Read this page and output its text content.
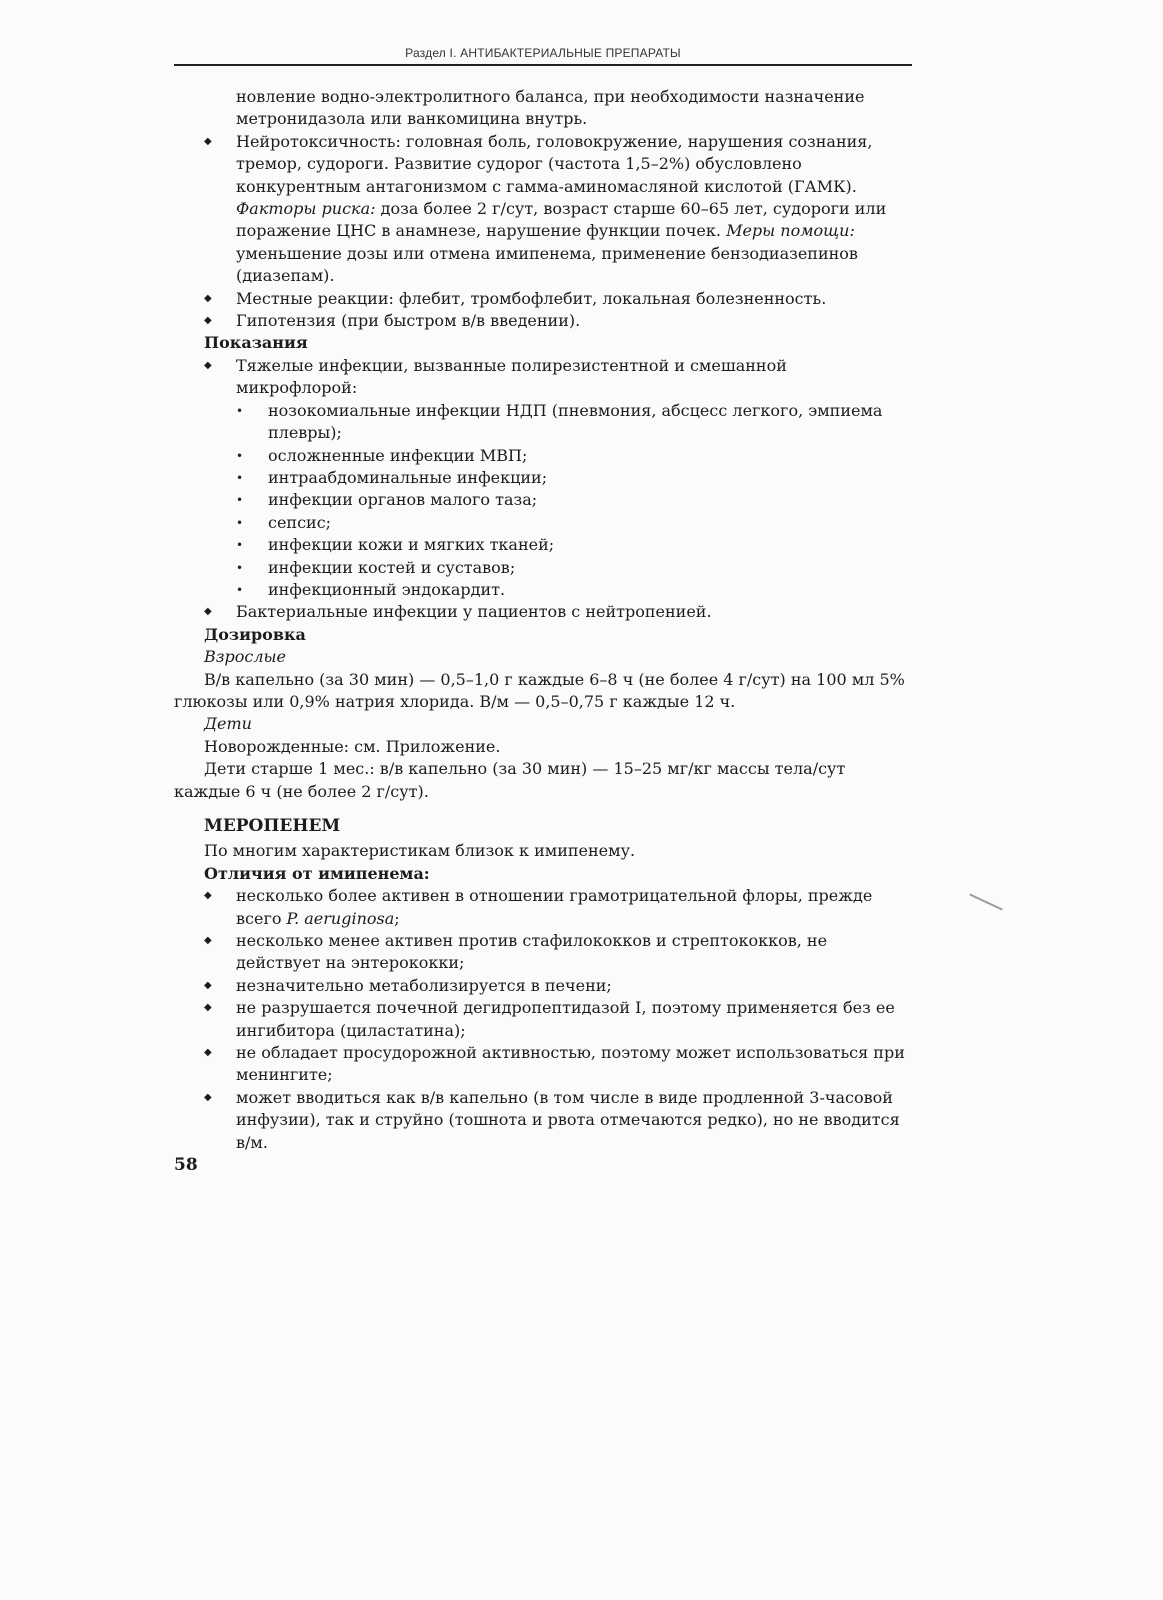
Раздел I. АНТИБАКТЕРИАЛЬНЫЕ ПРЕПАРАТЫ

новление водно-электролитного баланса, при необходимости назначение метронидазола или ванкомицина внутрь.

◆ Нейротоксичность: головная боль, головокружение, нарушения сознания, тремор, судороги. Развитие судорог (частота 1,5–2%) обусловлено конкурентным антагонизмом с гамма-аминомасляной кислотой (ГАМК). Факторы риска: доза более 2 г/сут, возраст старше 60–65 лет, судороги или поражение ЦНС в анамнезе, нарушение функции почек. Меры помощи: уменьшение дозы или отмена имипенема, применение бензодиазепинов (диазепам).
◆ Местные реакции: флебит, тромбофлебит, локальная болезненность.
◆ Гипотензия (при быстром в/в введении).

Показания

◆ Тяжелые инфекции, вызванные полирезистентной и смешанной микрофлорой:
• нозокомиальные инфекции НДП (пневмония, абсцесс легкого, эмпиема плевры);
• осложненные инфекции МВП;
• интраабдоминальные инфекции;
• инфекции органов малого таза;
• сепсис;
• инфекции кожи и мягких тканей;
• инфекции костей и суставов;
• инфекционный эндокардит.
◆ Бактериальные инфекции у пациентов с нейтропенией.

Дозировка

Взрослые

В/в капельно (за 30 мин) — 0,5–1,0 г каждые 6–8 ч (не более 4 г/сут) на 100 мл 5% глюкозы или 0,9% натрия хлорида. В/м — 0,5–0,75 г каждые 12 ч.

Дети

Новорожденные: см. Приложение.

Дети старше 1 мес.: в/в капельно (за 30 мин) — 15–25 мг/кг массы тела/сут каждые 6 ч (не более 2 г/сут).

МЕРОПЕНЕМ

По многим характеристикам близок к имипенему.

Отличия от имипенема:

◆ несколько более активен в отношении грамотрицательной флоры, прежде всего P. aeruginosa;
◆ несколько менее активен против стафилококков и стрептококков, не действует на энтерококки;
◆ незначительно метаболизируется в печени;
◆ не разрушается почечной дегидропептидазой I, поэтому применяется без ее ингибитора (циластатина);
◆ не обладает просудорожной активностью, поэтому может использоваться при менингите;
◆ может вводиться как в/в капельно (в том числе в виде продленной 3-часовой инфузии), так и струйно (тошнота и рвота отмечаются редко), но не вводится в/м.
58
